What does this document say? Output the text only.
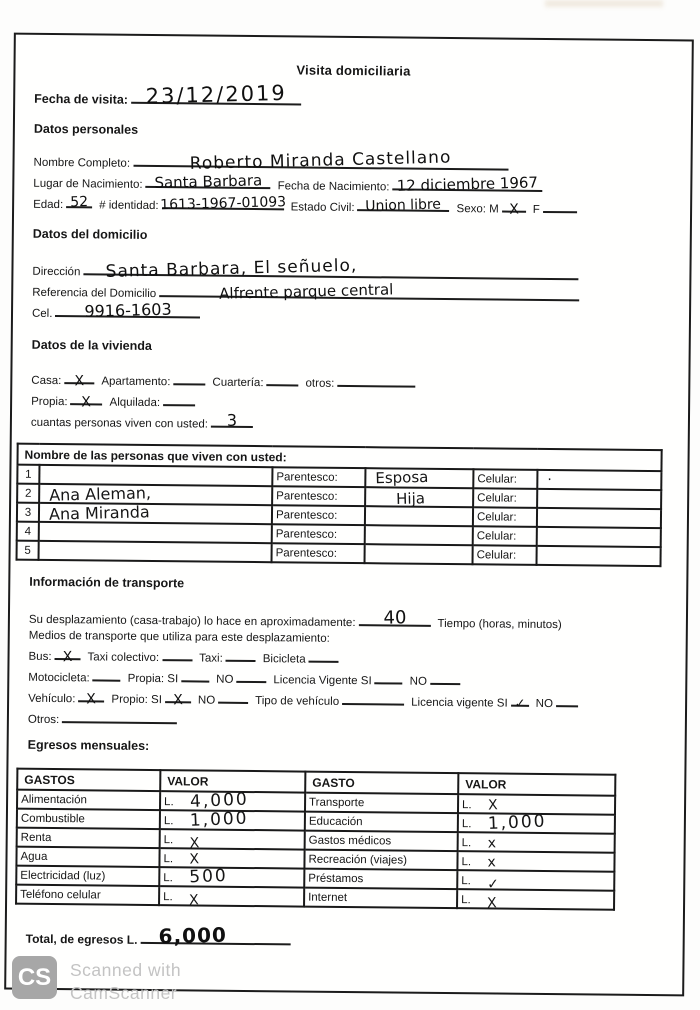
Visita domiciliaria
Fecha de visita: 23/12/2019
Datos personales
Nombre Completo:	Roberto Miranda Castellano
Lugar de Nacimiento: Santa Barbara Fecha de Nacimiento: 12 diciembre 1967
Edad: 52 # identidad: 1613-1967-01093 Estado Civil: Union libre Sexo: M X F
Datos del domicilio
Dirección Santa Barbara, El señuelo,
Referencia del Domicilio	Alfrente parque central
Cel. 9916-1603
Datos de la vivienda
Casa: X Apartamento:	Cuartería:	otros:
Propia: X Alquilada:
cuantas personas viven con usted: 3
Nombre de las personas que viven con usted:					
1		Parentesco:	Esposa	Celular:	·
2	Ana Aleman,	Parentesco:	Hija	Celular:	
3	Ana Miranda	Parentesco:		Celular:	
4		Parentesco:		Celular:	
5		Parentesco:		Celular:	
Información de transporte
Su desplazamiento (casa-trabajo) lo hace en aproximadamente: 40	Tiempo (horas, minutos)
Medios de transporte que utiliza para este desplazamiento:
Bus: X Taxi colectivo:	Taxi:	Bicicleta
Motocicleta:	Propia: SI	NO	Licencia Vigente SI	NO
Vehículo: X Propio: SI X NO	Tipo de vehículo	Licencia vigente SI ✓ NO
Otros:
Egresos mensuales:
GASTOS	VALOR	GASTO	VALOR
Alimentación	L. 4,000	Transporte	L. X
Combustible	L. 1,000	Educación	L. 1,000
Renta	L. X	Gastos médicos	L. x
Agua	L. X	Recreación (viajes)	L. x
Electricidad (luz)	L. 500	Préstamos	L. ✓
Teléfono celular	L. X	Internet	L. X
Total, de egresos L. 6,000
CS	Scanned with
CamScanner
